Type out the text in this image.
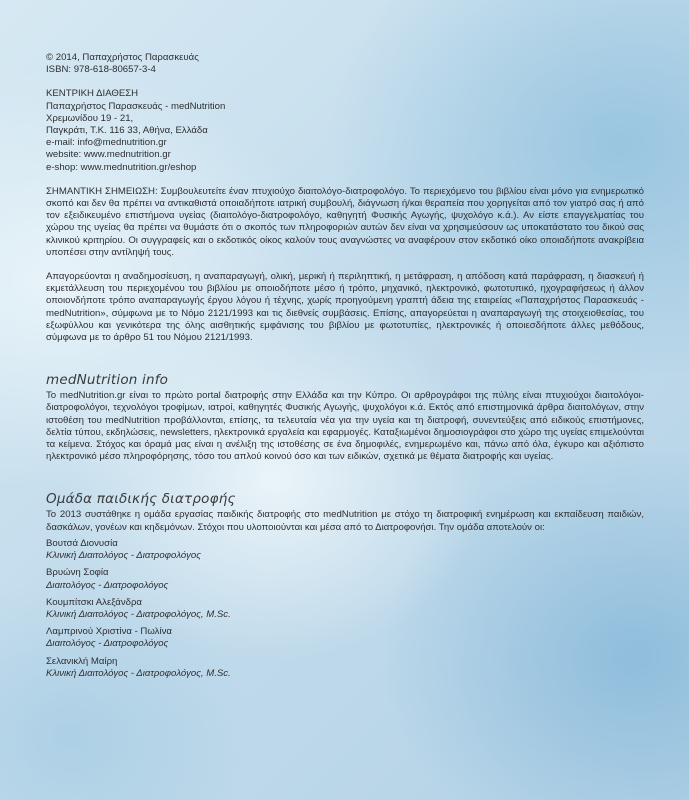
© 2014, Παπαχρήστος Παρασκευάς
ISBN: 978-618-80657-3-4
ΚΕΝΤΡΙΚΗ ΔΙΑΘΕΣΗ
Παπαχρήστος Παρασκευάς - medNutrition
Χρεμωνίδου 19 - 21,
Παγκράτι, Τ.Κ. 116 33, Αθήνα, Ελλάδα
e-mail: info@mednutrition.gr
website: www.mednutrition.gr
e-shop: www.mednutrition.gr/eshop

ΣΗΜΑΝΤΙΚΗ ΣΗΜΕΙΩΣΗ: Συμβουλευτείτε έναν πτυχιούχο διαιτολόγο-διατροφολόγο. Το περιεχόμενο του βιβλίου είναι μόνο για ενημερωτικό σκοπό και δεν θα πρέπει να αντικαθιστά οποιαδήποτε ιατρική συμβουλή, διάγνωση ή/και θεραπεία που χορηγείται από τον γιατρό σας ή από τον εξειδικευμένο επιστήμονα υγείας (διαιτολόγο-διατροφολόγο, καθηγητή Φυσικής Αγωγής, ψυχολόγο κ.ά.). Αν είστε επαγγελματίας του χώρου της υγείας θα πρέπει να θυμάστε ότι ο σκοπός των πληροφοριών αυτών δεν είναι να χρησιμεύσουν ως υποκατάστατο του δικού σας κλινικού κριτηρίου. Οι συγγραφείς και ο εκδοτικός οίκος καλούν τους αναγνώστες να αναφέρουν στον εκδοτικό οίκο οποιαδήποτε ανακρίβεια υποπέσει στην αντίληψή τους.

Απαγορεύονται η αναδημοσίευση, η αναπαραγωγή, ολική, μερική ή περιληπτική, η μετάφραση, η απόδοση κατά παράφραση, η διασκευή ή εκμετάλλευση του περιεχομένου του βιβλίου με οποιοδήποτε μέσο ή τρόπο, μηχανικό, ηλεκτρονικό, φωτοτυπικό, ηχογραφήσεως ή άλλον οποιονδήποτε τρόπο αναπαραγωγής έργου λόγου ή τέχνης, χωρίς προηγούμενη γραπτή άδεια της εταιρείας «Παπαχρήστος Παρασκευάς - medNutrition», σύμφωνα με το Νόμο 2121/1993 και τις διεθνείς συμβάσεις. Επίσης, απαγορεύεται η αναπαραγωγή της στοιχειοθεσίας, του εξωφύλλου και γενικότερα της όλης αισθητικής εμφάνισης του βιβλίου με φωτοτυπίες, ηλεκτρονικές ή οποιεσδήποτε άλλες μεθόδους, σύμφωνα με το άρθρο 51 του Νόμου 2121/1993.

medNutrition info

Το medNutrition.gr είναι το πρώτο portal διατροφής στην Ελλάδα και την Κύπρο. Οι αρθρογράφοι της πύλης είναι πτυχιούχοι διαιτολόγοι-διατροφολόγοι, τεχνολόγοι τροφίμων, ιατροί, καθηγητές Φυσικής Αγωγής, ψυχολόγοι κ.ά. Εκτός από επιστημονικά άρθρα διαιτολόγων, στην ιστοθέση του medNutrition προβάλλονται, επίσης, τα τελευταία νέα για την υγεία και τη διατροφή, συνεντεύξεις από ειδικούς επιστήμονες, δελτία τύπου, εκδηλώσεις, newsletters, ηλεκτρονικά εργαλεία και εφαρμογές. Καταξιωμένοι δημοσιογράφοι στο χώρο της υγείας επιμελούνται τα κείμενα. Στόχος και όραμά μας είναι η ανέλιξη της ιστοθέσης σε ένα δημοφιλές, ενημερωμένο και, πάνω από όλα, έγκυρο και αξιόπιστο ηλεκτρονικό μέσο πληροφόρησης, τόσο του απλού κοινού όσο και των ειδικών, σχετικά με θέματα διατροφής και υγείας.

Ομάδα παιδικής διατροφής

Το 2013 συστάθηκε η ομάδα εργασίας παιδικής διατροφής στο medNutrition με στόχο τη διατροφική ενημέρωση και εκπαίδευση παιδιών, δασκάλων, γονέων και κηδεμόνων. Στόχοι που υλοποιούνται και μέσα από το Διατροφονήσι. Την ομάδα αποτελούν οι:

Βουτσά Διονυσία
Κλινική Διαιτολόγος - Διατροφολόγος
Βρυώνη Σοφία
Διαιτολόγος - Διατροφολόγος
Κουμπίτσκι Αλεξάνδρα
Κλινική Διαιτολόγος - Διατροφολόγος, M.Sc.
Λαμπρινού Χριστίνα - Πωλίνα
Διαιτολόγος - Διατροφολόγος
Σελανικλή Μαίρη
Κλινική Διαιτολόγος - Διατροφολόγος, M.Sc.
